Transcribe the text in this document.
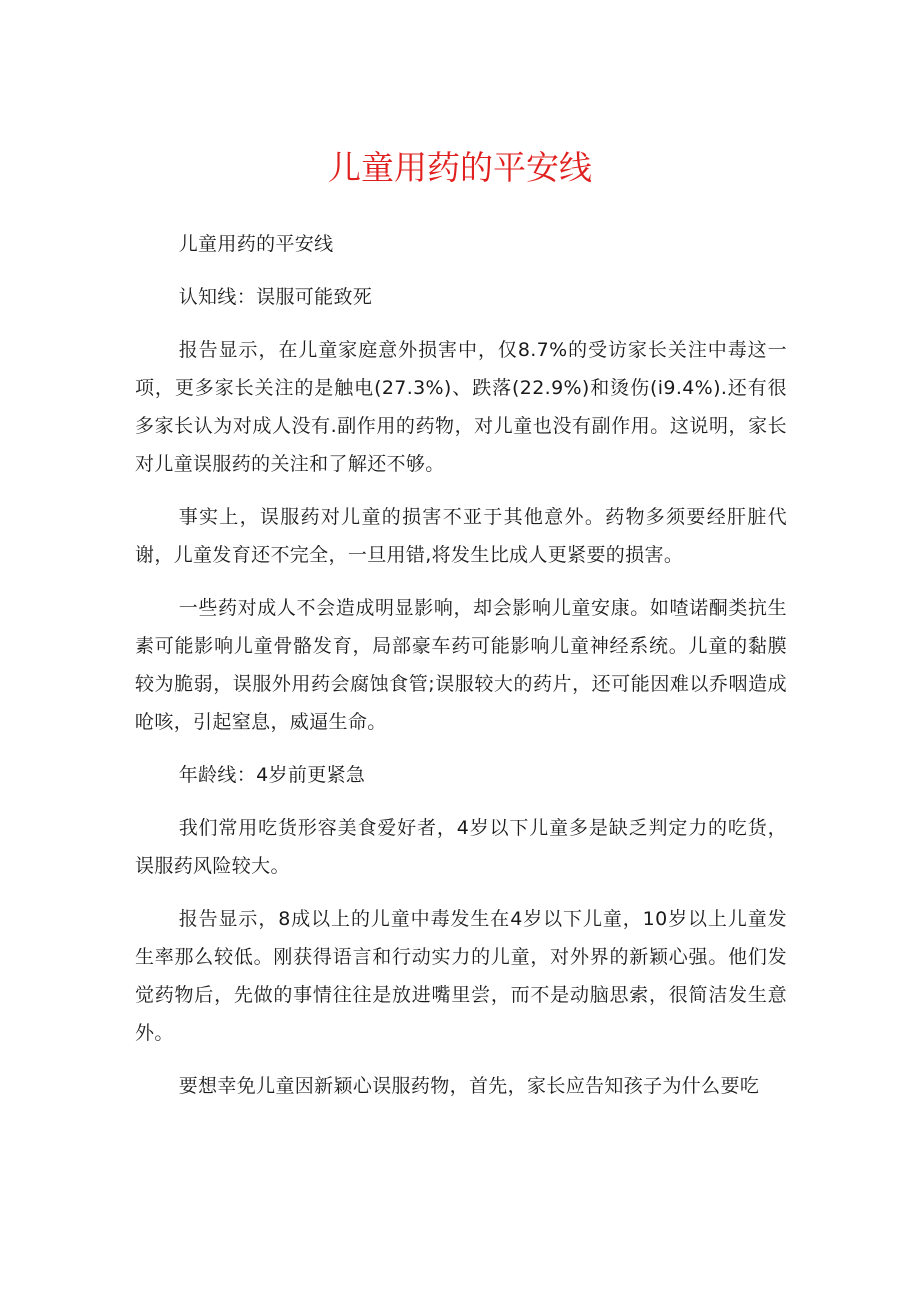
儿童用药的平安线

儿童用药的平安线

认知线：误服可能致死

报告显示，在儿童家庭意外损害中，仅8.7%的受访家长关注中毒这一项，更多家长关注的是触电(27.3%)、跌落(22.9%)和烫伤(i9.4%).还有很多家长认为对成人没有.副作用的药物，对儿童也没有副作用。这说明，家长对儿童误服药的关注和了解还不够。

事实上，误服药对儿童的损害不亚于其他意外。药物多须要经肝脏代谢，儿童发育还不完全，一旦用错,将发生比成人更紧要的损害。

一些药对成人不会造成明显影响，却会影响儿童安康。如喳诺酮类抗生素可能影响儿童骨骼发育，局部豪车药可能影响儿童神经系统。儿童的黏膜较为脆弱，误服外用药会腐蚀食管;误服较大的药片，还可能因难以乔咽造成呛咳，引起窒息，威逼生命。

年龄线：4岁前更紧急

我们常用吃货形容美食爱好者，4岁以下儿童多是缺乏判定力的吃货，误服药风险较大。

报告显示，8成以上的儿童中毒发生在4岁以下儿童，10岁以上儿童发生率那么较低。刚获得语言和行动实力的儿童，对外界的新颖心强。他们发觉药物后，先做的事情往往是放进嘴里尝，而不是动脑思索，很简洁发生意外。

要想幸免儿童因新颖心误服药物，首先，家长应告知孩子为什么要吃
